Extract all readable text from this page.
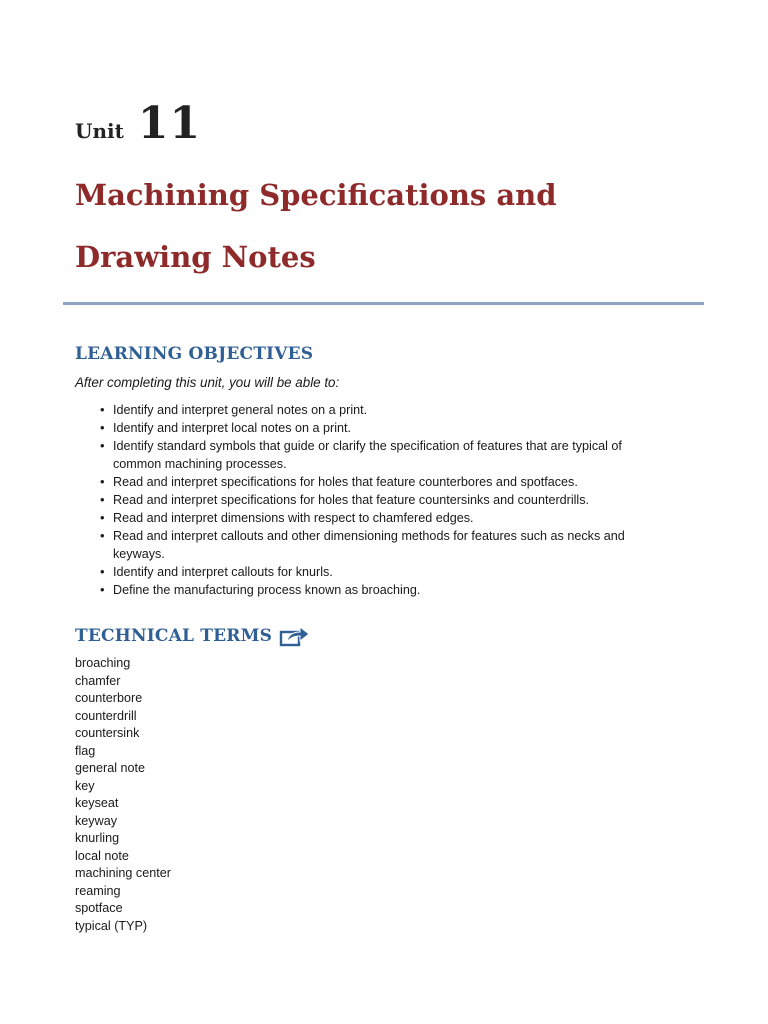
Unit 11
Machining Specifications and
Drawing Notes
LEARNING OBJECTIVES

After completing this unit, you will be able to:

• Identify and interpret general notes on a print.
• Identify and interpret local notes on a print.
• Identify standard symbols that guide or clarify the specification of features that are typical of common machining processes.
• Read and interpret specifications for holes that feature counterbores and spotfaces.
• Read and interpret specifications for holes that feature countersinks and counterdrills.
• Read and interpret dimensions with respect to chamfered edges.
• Read and interpret callouts and other dimensioning methods for features such as necks and keyways.
• Identify and interpret callouts for knurls.
• Define the manufacturing process known as broaching.
TECHNICAL TERMS
broaching
chamfer
counterbore
counterdrill
countersink
flag
general note
key
keyseat
keyway
knurling
local note
machining center
reaming
spotface
typical (TYP)
